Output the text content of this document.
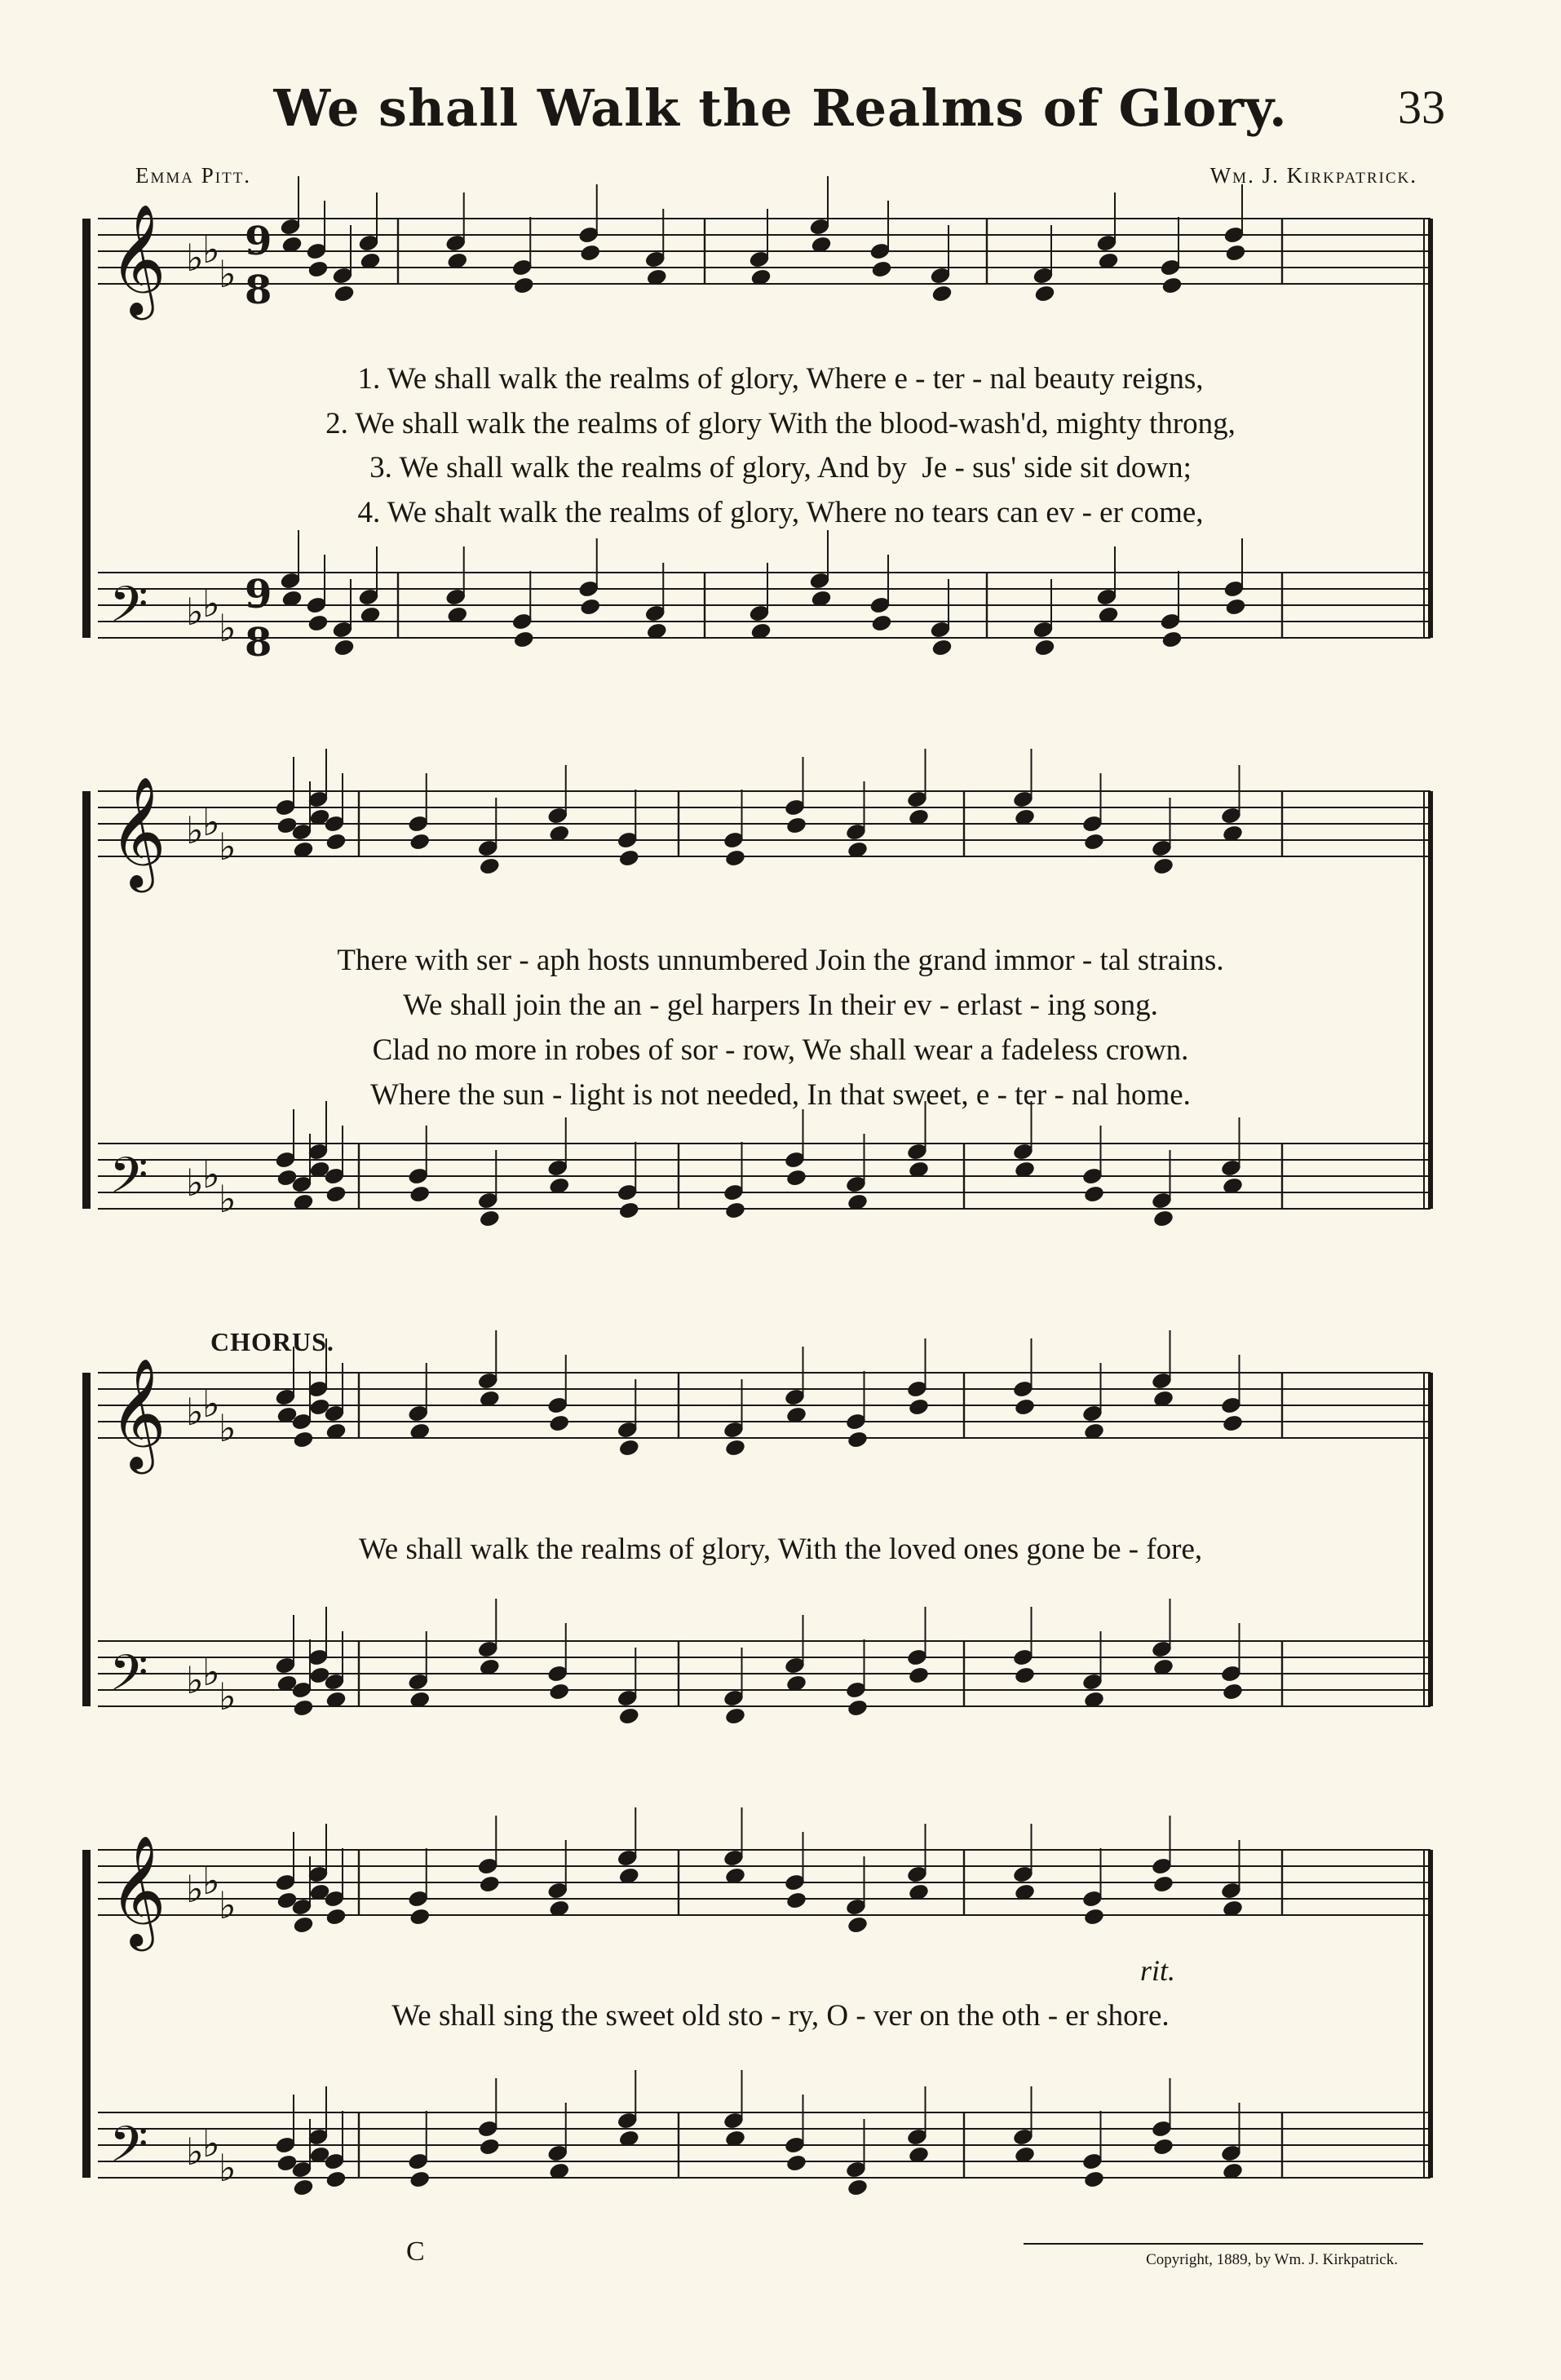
We shall Walk the Realms of Glory.	33
Emma Pitt.	Wm. J. Kirkpatrick.
𝄞 ♭
♭
♭
𝄢 ♭
♭
♭
𝄞 ♭
♭
♭
𝄢 ♭
♭
♭
𝄞 ♭
♭
♭
𝄢 ♭
♭
♭
𝄞 ♭
♭
♭
𝄢 ♭
♭
♭
9
8
9
8
1. We shall walk the realms of glory, Where e - ter - nal beauty reigns,
2. We shall walk the realms of glory With the blood-wash'd, mighty throng,
3. We shall walk the realms of glory, And by  Je - sus' side sit down;
4. We shalt walk the realms of glory, Where no tears can ev - er come,
There with ser - aph hosts unnumbered Join the grand immor - tal strains.
We shall join the an - gel harpers In their ev - erlast - ing song.
Clad no more in robes of sor - row, We shall wear a fadeless crown.
Where the sun - light is not needed, In that sweet, e - ter - nal home.
CHORUS.
We shall walk the realms of glory, With the loved ones gone be - fore,
rit.
We shall sing the sweet old sto - ry, O - ver on the oth - er shore.
C	Copyright, 1889, by Wm. J. Kirkpatrick.
